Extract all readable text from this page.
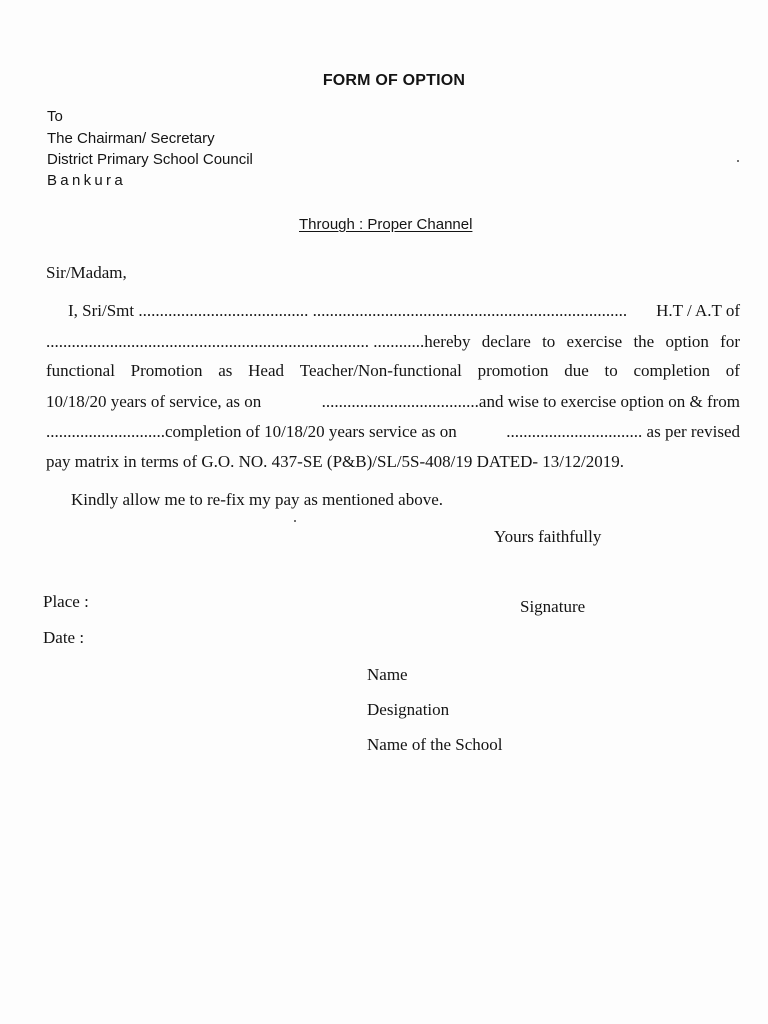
FORM OF OPTION
To
The Chairman/ Secretary
District Primary School Council
Bankura
Through : Proper Channel
Sir/Madam,
I, Sri/Smt ........................................ .......................................................................... H.T / A.T of
............................................................................ ............hereby declare to exercise the option for
functional Promotion as Head Teacher/Non-functional promotion due to completion of
10/18/20 years of service, as on	.....................................and wise to exercise option on & from
............................completion of 10/18/20 years service as on	................................ as per revised
pay matrix in terms of G.O. NO. 437-SE (P&B)/SL/5S-408/19 DATED- 13/12/2019.
Kindly allow me to re-fix my pay as mentioned above.
Yours faithfully
Place :	Signature
Date :
Name
Designation
Name of the School
